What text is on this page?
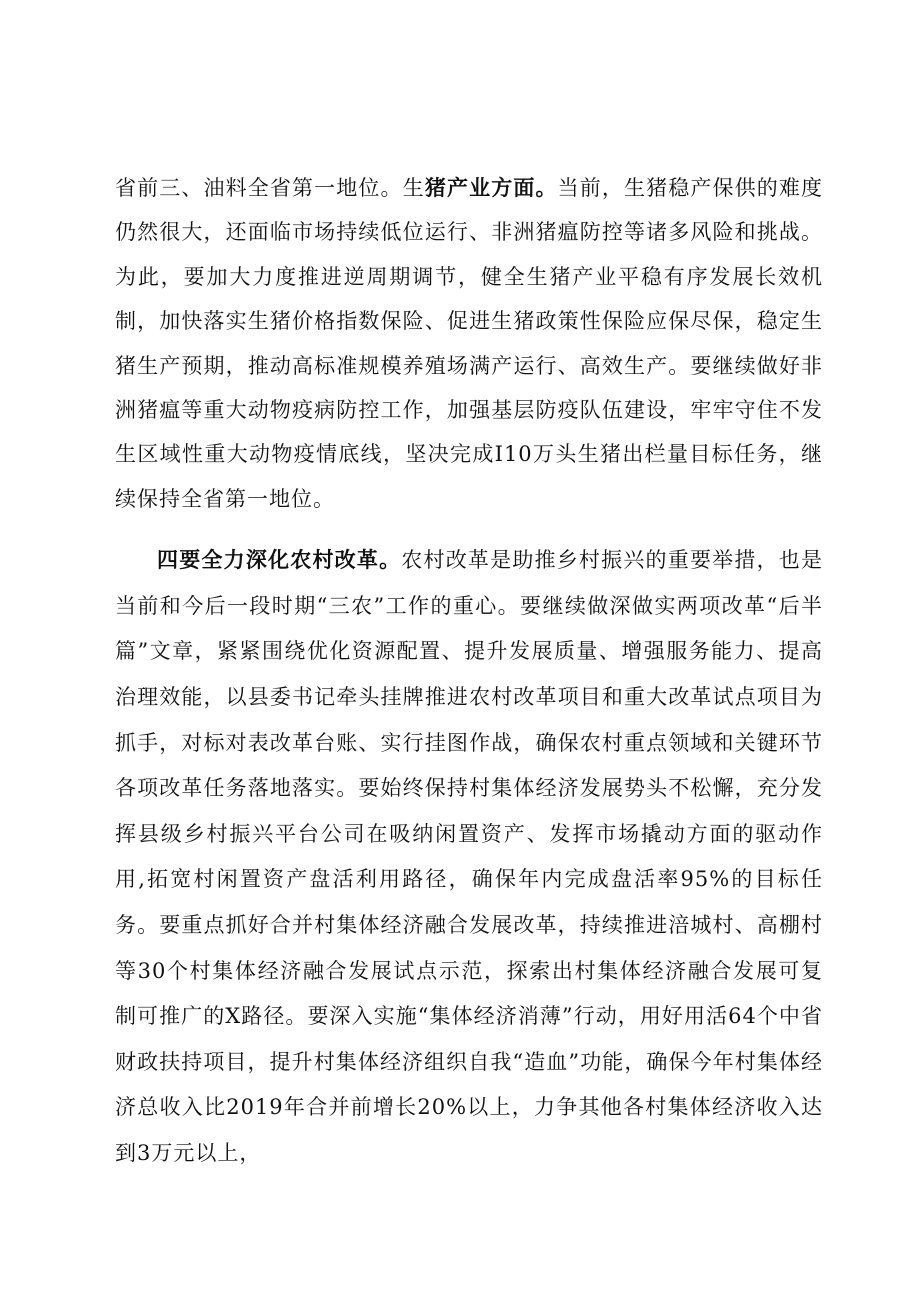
省前三、油料全省第一地位。生猪产业方面。当前，生猪稳产保供的难度仍然很大，还面临市场持续低位运行、非洲猪瘟防控等诸多风险和挑战。为此，要加大力度推进逆周期调节，健全生猪产业平稳有序发展长效机制，加快落实生猪价格指数保险、促进生猪政策性保险应保尽保，稳定生猪生产预期，推动高标准规模养殖场满产运行、高效生产。要继续做好非洲猪瘟等重大动物疫病防控工作，加强基层防疫队伍建设，牢牢守住不发生区域性重大动物疫情底线，坚决完成I10万头生猪出栏量目标任务，继续保持全省第一地位。

四要全力深化农村改革。农村改革是助推乡村振兴的重要举措，也是当前和今后一段时期“三农”工作的重心。要继续做深做实两项改革“后半篇”文章，紧紧围绕优化资源配置、提升发展质量、增强服务能力、提高治理效能，以县委书记牵头挂牌推进农村改革项目和重大改革试点项目为抓手，对标对表改革台账、实行挂图作战，确保农村重点领域和关键环节各项改革任务落地落实。要始终保持村集体经济发展势头不松懈，充分发挥县级乡村振兴平台公司在吸纳闲置资产、发挥市场撬动方面的驱动作用,拓宽村闲置资产盘活利用路径，确保年内完成盘活率95%的目标任务。要重点抓好合并村集体经济融合发展改革，持续推进涪城村、高棚村等30个村集体经济融合发展试点示范，探索出村集体经济融合发展可复制可推广的X路径。要深入实施“集体经济消薄”行动，用好用活64个中省财政扶持项目，提升村集体经济组织自我“造血”功能，确保今年村集体经济总收入比2019年合并前增长20%以上，力争其他各村集体经济收入达到3万元以上，
